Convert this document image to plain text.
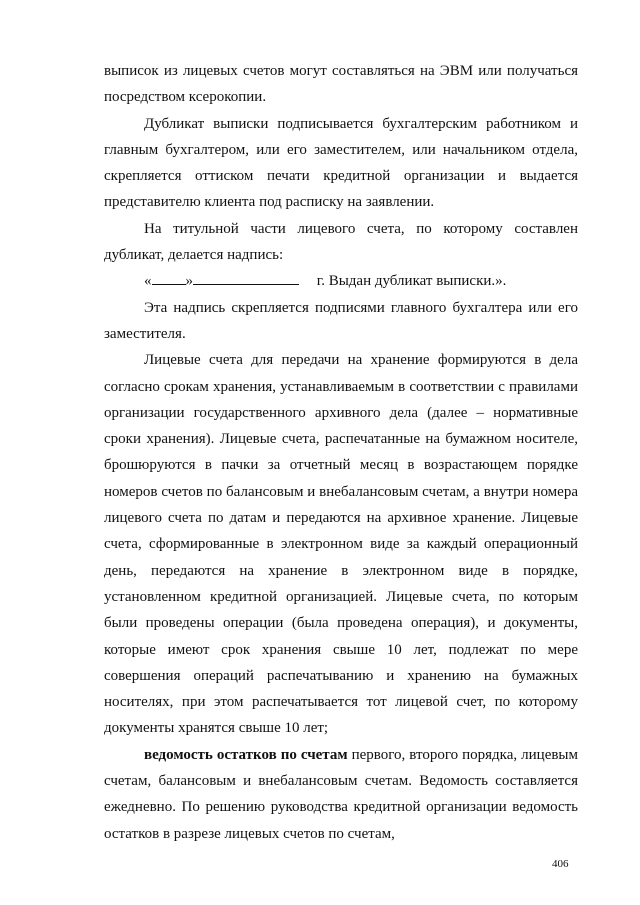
выписок из лицевых счетов могут составляться на ЭВМ или получаться посредством ксерокопии.

Дубликат выписки подписывается бухгалтерским работником и главным бухгалтером, или его заместителем, или начальником отдела, скрепляется оттиском печати кредитной организации и выдается представителю клиента под расписку на заявлении.

На титульной части лицевого счета, по которому составлен дубликат, делается надпись:

« »	г. Выдан дубликат выписки.».

Эта надпись скрепляется подписями главного бухгалтера или его заместителя.

Лицевые счета для передачи на хранение формируются в дела согласно срокам хранения, устанавливаемым в соответствии с правилами организации государственного архивного дела (далее – нормативные сроки хранения). Лицевые счета, распечатанные на бумажном носителе, брошюруются в пачки за отчетный месяц в возрастающем порядке номеров счетов по балансовым и внебалансовым счетам, а внутри номера лицевого счета по датам и передаются на архивное хранение. Лицевые счета, сформированные в электронном виде за каждый операционный день, передаются на хранение в электронном виде в порядке, установленном кредитной организацией. Лицевые счета, по которым были проведены операции (была проведена операция), и документы, которые имеют срок хранения свыше 10 лет, подлежат по мере совершения операций распечатыванию и хранению на бумажных носителях, при этом распечатывается тот лицевой счет, по которому документы хранятся свыше 10 лет;

ведомость остатков по счетам первого, второго порядка, лицевым счетам, балансовым и внебалансовым счетам. Ведомость составляется ежедневно. По решению руководства кредитной организации ведомость остатков в разрезе лицевых счетов по счетам,

406
